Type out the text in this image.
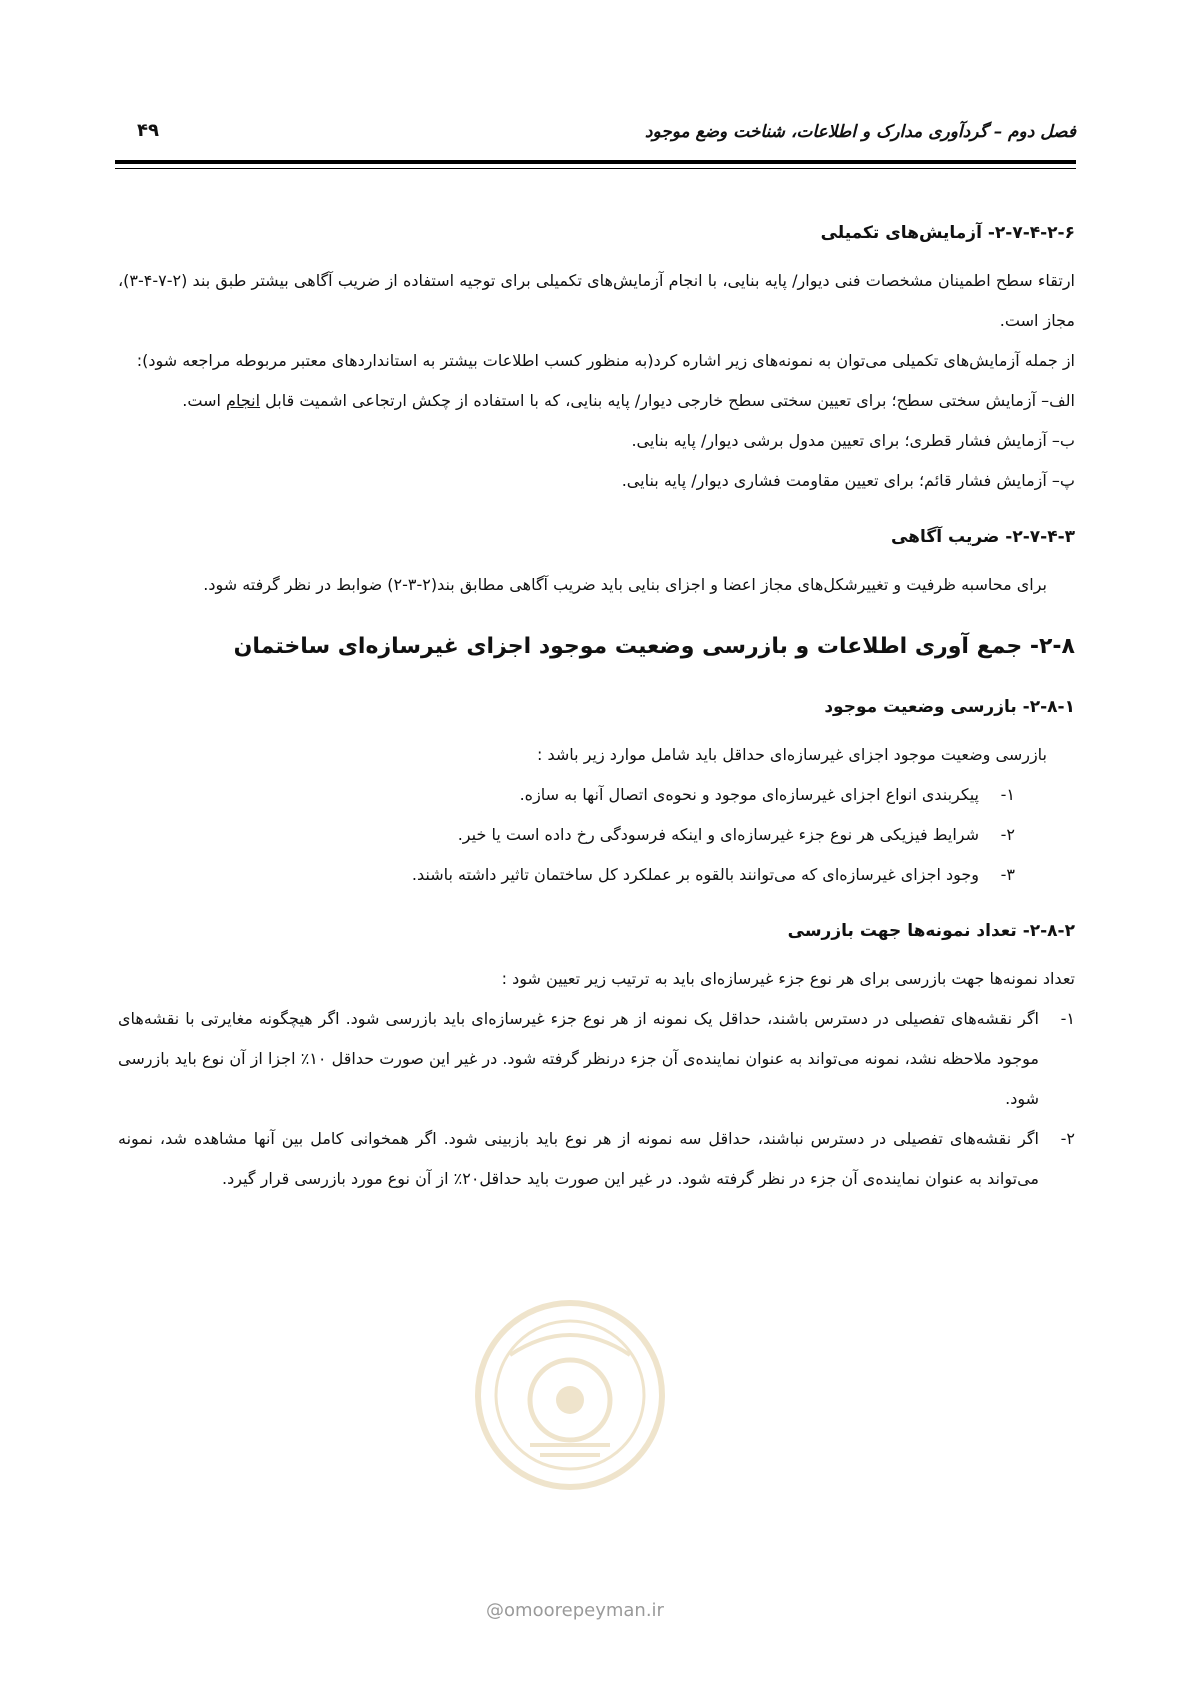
فصل دوم – گردآوری مدارک و اطلاعات، شناخت وضع موجود
۴۹
۲-۷-۴-۲-۶- آزمایش‌های تکمیلی

ارتقاء سطح اطمینان مشخصات فنی دیوار/ پایه بنایی، با انجام آزمایش‌های تکمیلی برای توجیه استفاده از ضریب آگاهی بیشتر طبق بند (۲-۷-۴-۳)، مجاز است.

از جمله آزمایش‌های تکمیلی می‌توان به نمونه‌های زیر اشاره کرد(به منظور کسب اطلاعات بیشتر به استانداردهای معتبر مربوطه مراجعه شود):

الف– آزمایش سختی سطح؛ برای تعیین سختی سطح خارجی دیوار/ پایه بنایی، که با استفاده از چکش ارتجاعی اشمیت قابل انجام است.

ب– آزمایش فشار قطری؛ برای تعیین مدول برشی دیوار/ پایه بنایی.

پ– آزمایش فشار قائم؛ برای تعیین مقاومت فشاری دیوار/ پایه بنایی.

۲-۷-۴-۳- ضریب آگاهی

برای محاسبه ظرفیت و تغییرشکل‌های مجاز اعضا و اجزای بنایی باید ضریب آگاهی مطابق بند(۲-۳-۲) ضوابط در نظر گرفته شود.

۲-۸- جمع آوری اطلاعات و بازرسی وضعیت موجود اجزای غیرسازه‌ای ساختمان
۲-۸-۱- بازرسی وضعیت موجود

بازرسی وضعیت موجود اجزای غیرسازه‌ای حداقل باید شامل موارد زیر باشد :

۱-
پیکربندی انواع اجزای غیرسازه‌ای موجود و نحوه‌ی اتصال آنها به سازه.
۲-
شرایط فیزیکی هر نوع جزء غیرسازه‌ای و اینکه فرسودگی رخ داده است یا خیر.
۳-
وجود اجزای غیرسازه‌ای که می‌توانند بالقوه بر عملکرد کل ساختمان تاثیر داشته باشند.
۲-۸-۲- تعداد نمونه‌ها جهت بازرسی

تعداد نمونه‌ها جهت بازرسی برای هر نوع جزء غیرسازه‌ای باید به ترتیب زیر تعیین شود :

۱-
اگر نقشه‌های تفصیلی در دسترس باشند، حداقل یک نمونه از هر نوع جزء غیرسازه‌ای باید بازرسی شود. اگر هیچگونه مغایرتی با نقشه‌های موجود ملاحظه نشد، نمونه می‌تواند به عنوان نماینده‌ی آن جزء درنظر گرفته شود. در غیر این صورت حداقل ۱۰٪ اجزا از آن نوع باید بازرسی شود.
۲-
اگر نقشه‌های تفصیلی در دسترس نباشند، حداقل سه نمونه از هر نوع باید بازبینی شود. اگر همخوانی کامل بین آنها مشاهده شد، نمونه می‌تواند به عنوان نماینده‌ی آن جزء در نظر گرفته شود. در غیر این صورت باید حداقل۲۰٪ از آن نوع مورد بازرسی قرار گیرد.
@omoorepeyman.ir
